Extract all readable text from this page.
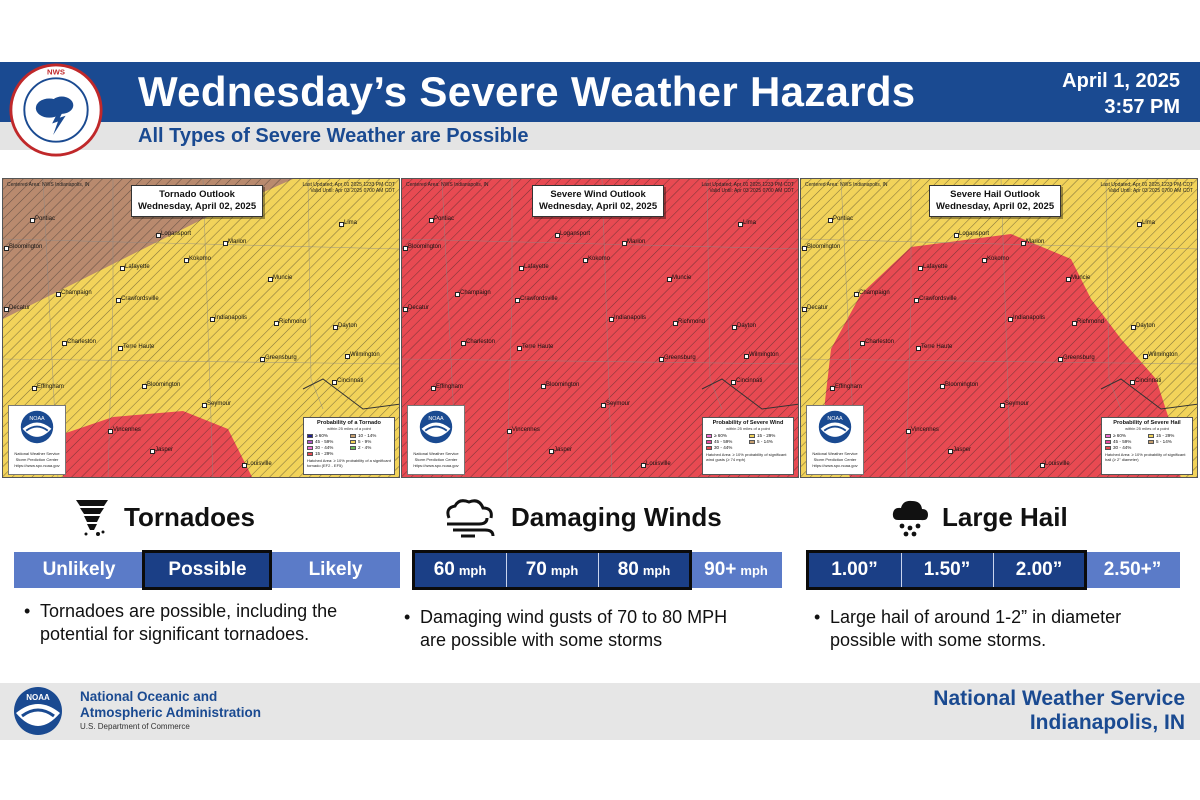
NWS Wednesday’s Severe Weather Hazards
All Types of Severe Weather are Possible
April 1, 2025
3:57 PM
Centered Area: NWS Indianapolis, IN	Last Updated: Apr 01 2025 1233 PM CDT
Valid Until: Apr 03 2025 0700 AM CDT
Tornado Outlook
Wednesday, April 02, 2025
Pontiac
Bloomington
Logansport
Marion
Kokomo
Lima
Lafayette
Muncie
Champaign
Crawfordsville
Decatur
Indianapolis
Richmond
Dayton
Charleston
Terre Haute
Greensburg	Wilmington
Effingham	Bloomington
Cincinnati
Seymour
Vincennes
Jasper
Louisville
NOAA
National Weather Service
Storm Prediction Center
https://www.spc.noaa.gov
Probability of a Tornado
within 25 miles of a point
≥ 60%	10 - 14%
45 - 59%	5 - 9%
30 - 44%	2 - 4%
15 - 29%
Hatched Area: ≥ 10% probability of a significant tornado (EF2 - EF5)
Centered Area: NWS Indianapolis, IN	Last Updated: Apr 01 2025 1233 PM CDT
Valid Until: Apr 03 2025 0700 AM CDT
Severe Wind Outlook
Wednesday, April 02, 2025
Pontiac
Bloomington
Logansport
Marion
Kokomo
Lima
Lafayette
Muncie
Champaign
Crawfordsville
Decatur
Indianapolis
Richmond
Dayton
Charleston
Terre Haute
Greensburg	Wilmington
Effingham	Bloomington
Cincinnati
Seymour
Vincennes
Jasper
Louisville
NOAA
National Weather Service
Storm Prediction Center
https://www.spc.noaa.gov
Probability of Severe Wind
within 25 miles of a point
≥ 60%	15 - 29%
45 - 59%	5 - 14%
30 - 44%
Hatched Area: ≥ 10% probability of significant wind gusts (≥ 74 mph)
Centered Area: NWS Indianapolis, IN	Last Updated: Apr 01 2025 1233 PM CDT
Valid Until: Apr 03 2025 0700 AM CDT
Severe Hail Outlook
Wednesday, April 02, 2025
Pontiac
Bloomington
Logansport
Marion
Kokomo
Lima
Lafayette
Muncie
Champaign
Crawfordsville
Decatur
Indianapolis
Richmond
Dayton
Charleston
Terre Haute
Greensburg	Wilmington
Effingham	Bloomington
Cincinnati
Seymour
Vincennes
Jasper
Louisville
NOAA
National Weather Service
Storm Prediction Center
https://www.spc.noaa.gov
Probability of Severe Hail
within 25 miles of a point
≥ 60%	15 - 29%
45 - 59%	5 - 14%
30 - 44%
Hatched Area: ≥ 10% probability of significant hail (≥ 2" diameter)
Tornadoes
Unlikely	Possible	Likely
• Tornadoes are possible, including the
potential for significant tornadoes.
Damaging Winds
60 mph 70 mph 80 mph 90+ mph
• Damaging wind gusts of 70 to 80 MPH
are possible with some storms
Large Hail
1.00”	1.50”	2.00”	2.50+”
• Large hail of around 1-2” in diameter
possible with some storms.
NOAA National Oceanic and
Atmospheric Administration
U.S. Department of Commerce
National Weather Service
Indianapolis, IN
